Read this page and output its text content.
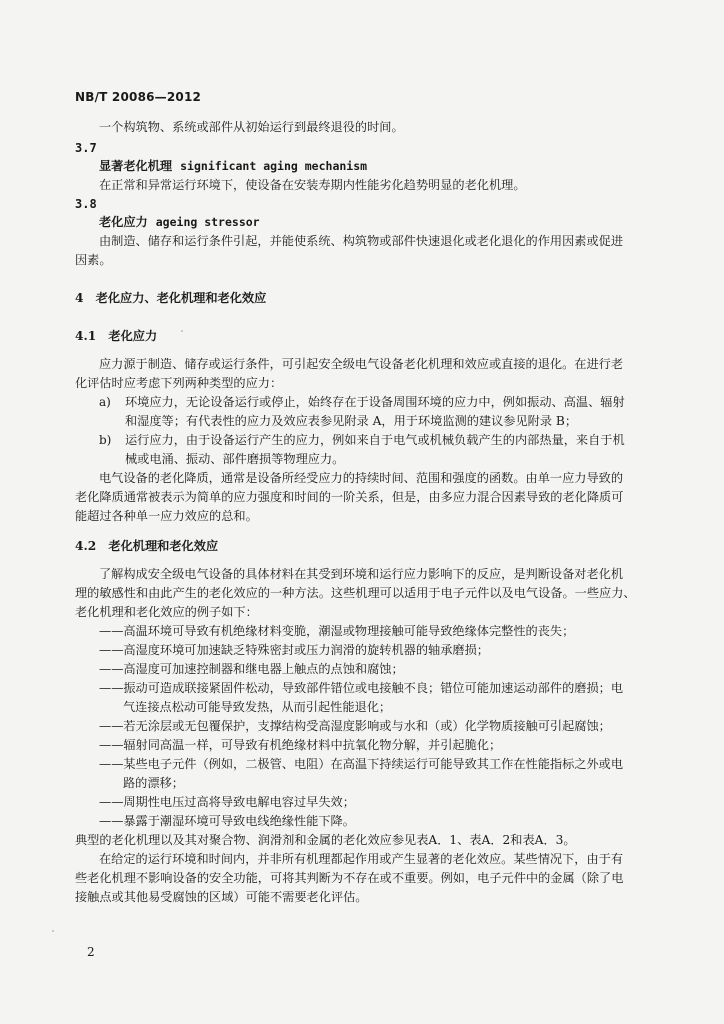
NB/T 20086—2012
一个构筑物、系统或部件从初始运行到最终退役的时间。
3.7
显著老化机理 significant aging mechanism
在正常和异常运行环境下，使设备在安装寿期内性能劣化趋势明显的老化机理。
3.8
老化应力 ageing stressor
由制造、储存和运行条件引起，并能使系统、构筑物或部件快速退化或老化退化的作用因素或促进
因素。
4　老化应力、老化机理和老化效应
4.1　老化应力
应力源于制造、储存或运行条件，可引起安全级电气设备老化机理和效应或直接的退化。在进行老
化评估时应考虑下列两种类型的应力：
a) 环境应力，无论设备运行或停止，始终存在于设备周围环境的应力中，例如振动、高温、辐射
和湿度等；有代表性的应力及效应表参见附录 A，用于环境监测的建议参见附录 B；
b) 运行应力，由于设备运行产生的应力，例如来自于电气或机械负载产生的内部热量，来自于机
械或电涌、振动、部件磨损等物理应力。
电气设备的老化降质，通常是设备所经受应力的持续时间、范围和强度的函数。由单一应力导致的
老化降质通常被表示为简单的应力强度和时间的一阶关系，但是，由多应力混合因素导致的老化降质可
能超过各种单一应力效应的总和。
4.2　老化机理和老化效应
了解构成安全级电气设备的具体材料在其受到环境和运行应力影响下的反应，是判断设备对老化机
理的敏感性和由此产生的老化效应的一种方法。这些机理可以适用于电子元件以及电气设备。一些应力、
老化机理和老化效应的例子如下：
——高温环境可导致有机绝缘材料变脆，潮湿或物理接触可能导致绝缘体完整性的丧失；
——高湿度环境可加速缺乏特殊密封或压力润滑的旋转机器的轴承磨损；
——高湿度可加速控制器和继电器上触点的点蚀和腐蚀；
——振动可造成联接紧固件松动，导致部件错位或电接触不良；错位可能加速运动部件的磨损；电
气连接点松动可能导致发热，从而引起性能退化；
——若无涂层或无包覆保护，支撑结构受高湿度影响或与水和（或）化学物质接触可引起腐蚀；
——辐射同高温一样，可导致有机绝缘材料中抗氧化物分解，并引起脆化；
——某些电子元件（例如，二极管、电阻）在高温下持续运行可能导致其工作在性能指标之外或电
路的漂移；
——周期性电压过高将导致电解电容过早失效；
——暴露于潮湿环境可导致电线绝缘性能下降。
典型的老化机理以及其对聚合物、润滑剂和金属的老化效应参见表A．1、表A．2和表A．3。
在给定的运行环境和时间内，并非所有机理都起作用或产生显著的老化效应。某些情况下，由于有
些老化机理不影响设备的安全功能，可将其判断为不存在或不重要。例如，电子元件中的金属（除了电
接触点或其他易受腐蚀的区域）可能不需要老化评估。
2
